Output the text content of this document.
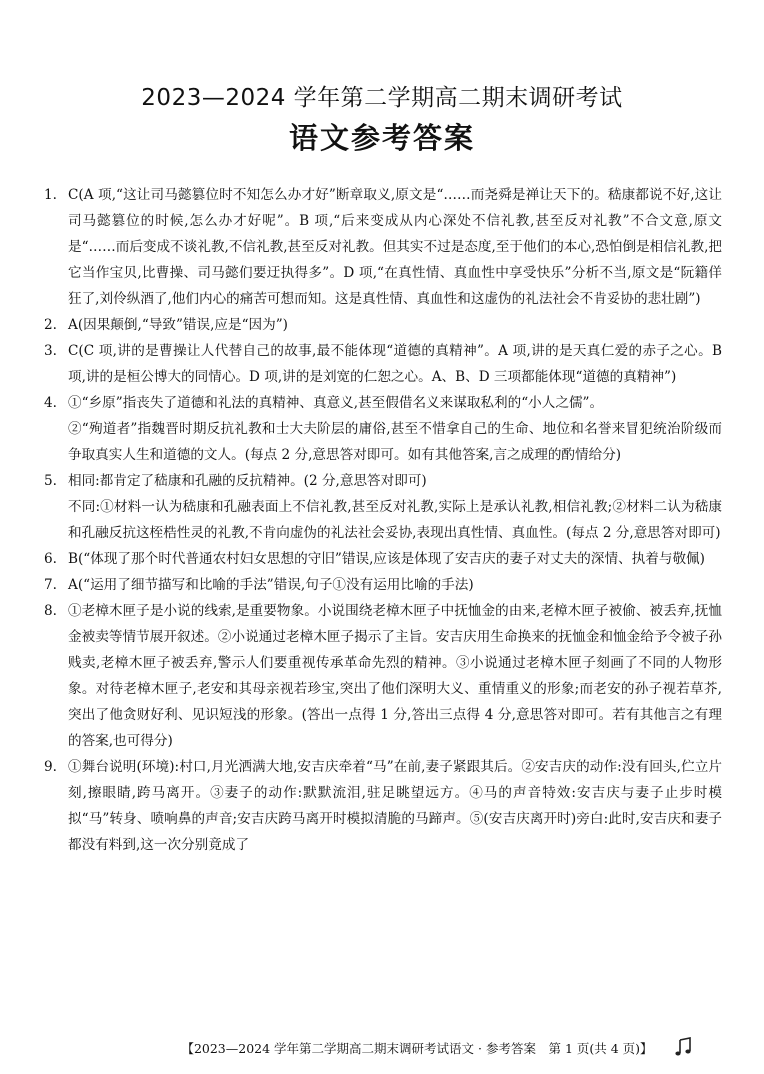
2023—2024 学年第二学期高二期末调研考试
语文参考答案
1. C(A 项,“这让司马懿篡位时不知怎么办才好”断章取义,原文是“……而尧舜是禅让天下的。嵇康都说不好,这让司马懿篡位的时候,怎么办才好呢”。B 项,“后来变成从内心深处不信礼教,甚至反对礼教”不合文意,原文是“……而后变成不谈礼教,不信礼教,甚至反对礼教。但其实不过是态度,至于他们的本心,恐怕倒是相信礼教,把它当作宝贝,比曹操、司马懿们要迂执得多”。D 项,“在真性情、真血性中享受快乐”分析不当,原文是“阮籍佯狂了,刘伶纵酒了,他们内心的痛苦可想而知。这是真性情、真血性和这虚伪的礼法社会不肯妥协的悲壮剧”)
2. A(因果颠倒,“导致”错误,应是“因为”)
3. C(C 项,讲的是曹操让人代替自己的故事,最不能体现“道德的真精神”。A 项,讲的是天真仁爱的赤子之心。B 项,讲的是桓公博大的同情心。D 项,讲的是刘宽的仁恕之心。A、B、D 三项都能体现“道德的真精神”)
4. ①“乡原”指丧失了道德和礼法的真精神、真意义,甚至假借名义来谋取私利的“小人之儒”。
②“殉道者”指魏晋时期反抗礼教和士大夫阶层的庸俗,甚至不惜拿自己的生命、地位和名誉来冒犯统治阶级而争取真实人生和道德的文人。(每点 2 分,意思答对即可。如有其他答案,言之成理的酌情给分)
5. 相同:都肯定了嵇康和孔融的反抗精神。(2 分,意思答对即可)
不同:①材料一认为嵇康和孔融表面上不信礼教,甚至反对礼教,实际上是承认礼教,相信礼教;②材料二认为嵇康和孔融反抗这桎梏性灵的礼教,不肯向虚伪的礼法社会妥协,表现出真性情、真血性。(每点 2 分,意思答对即可)
6. B(“体现了那个时代普通农村妇女思想的守旧”错误,应该是体现了安吉庆的妻子对丈夫的深情、执着与敬佩)
7. A(“运用了细节描写和比喻的手法”错误,句子①没有运用比喻的手法)
8. ①老樟木匣子是小说的线索,是重要物象。小说围绕老樟木匣子中抚恤金的由来,老樟木匣子被偷、被丢弃,抚恤金被卖等情节展开叙述。②小说通过老樟木匣子揭示了主旨。安吉庆用生命换来的抚恤金和恤金给予令被子孙贱卖,老樟木匣子被丢弃,警示人们要重视传承革命先烈的精神。③小说通过老樟木匣子刻画了不同的人物形象。对待老樟木匣子,老安和其母亲视若珍宝,突出了他们深明大义、重情重义的形象;而老安的孙子视若草芥,突出了他贪财好利、见识短浅的形象。(答出一点得 1 分,答出三点得 4 分,意思答对即可。若有其他言之有理的答案,也可得分)
9. ①舞台说明(环境):村口,月光洒满大地,安吉庆牵着“马”在前,妻子紧跟其后。②安吉庆的动作:没有回头,伫立片刻,擦眼睛,跨马离开。③妻子的动作:默默流泪,驻足眺望远方。④马的声音特效:安吉庆与妻子止步时模拟“马”转身、喷响鼻的声音;安吉庆跨马离开时模拟清脆的马蹄声。⑤(安吉庆离开时)旁白:此时,安吉庆和妻子都没有料到,这一次分别竟成了
【2023—2024 学年第二学期高二期末调研考试语文 · 参考答案　第 1 页(共 4 页)】
